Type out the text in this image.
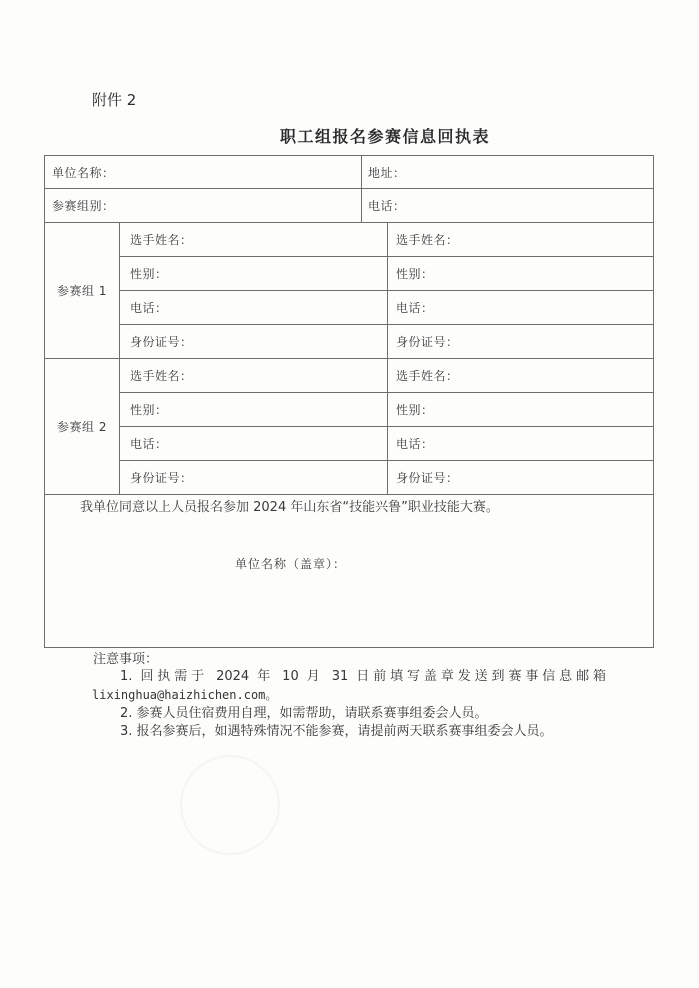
附件 2
职工组报名参赛信息回执表
单位名称：	地址：
参赛组别：	电话：
参赛组 1
选手姓名：	选手姓名：
性别：	性别：
电话：	电话：
身份证号：	身份证号：
参赛组 2
选手姓名：	选手姓名：
性别：	性别：
电话：	电话：
身份证号：	身份证号：
我单位同意以上人员报名参加 2024 年山东省“技能兴鲁”职业技能大赛。
单位名称（盖章）：
注意事项：
1. 回执需于 2024 年 10 月 31 日前填写盖章发送到赛事信息邮箱
lixinghua@haizhichen.com。
2. 参赛人员住宿费用自理，如需帮助，请联系赛事组委会人员。
3. 报名参赛后，如遇特殊情况不能参赛，请提前两天联系赛事组委会人员。
